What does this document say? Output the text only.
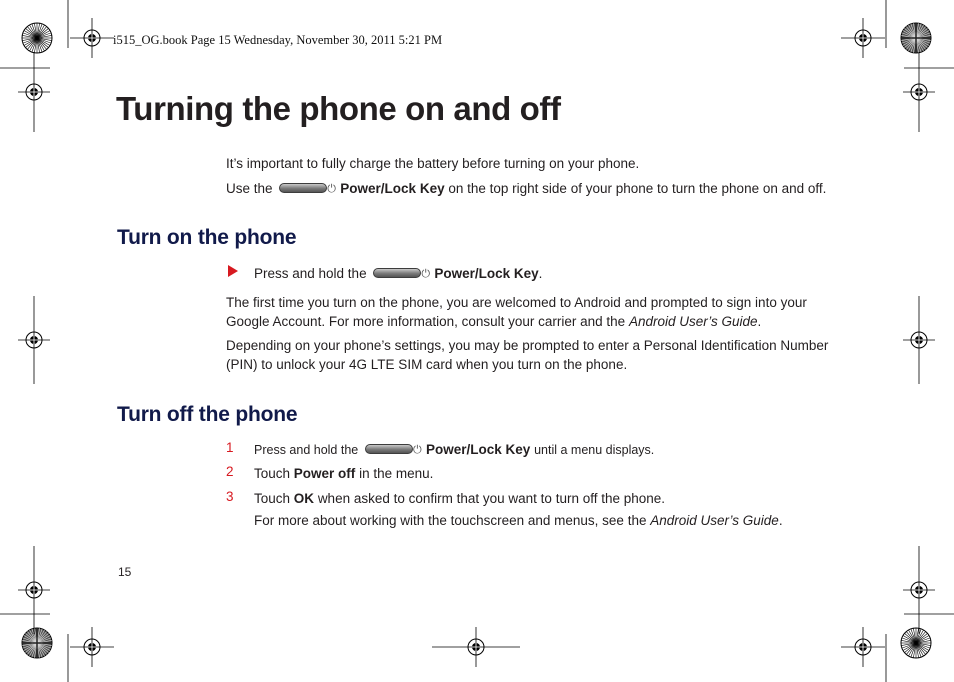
i515_OG.book Page 15 Wednesday, November 30, 2011 5:21 PM
Turning the phone on and off

It’s important to fully charge the battery before turning on your phone.

Use the	⏻ Power/Lock Key on the top right side of your phone to turn the phone on and off.

Turn on the phone

Press and hold the	⏻ Power/Lock Key.

The first time you turn on the phone, you are welcomed to Android and prompted to sign into your
Google Account. For more information, consult your carrier and the Android User’s Guide.

Depending on your phone’s settings, you may be prompted to enter a Personal Identification Number
(PIN) to unlock your 4G LTE SIM card when you turn on the phone.

Turn off the phone
1 Press and hold the	⏻ Power/Lock Key until a menu displays.

2 Touch Power off in the menu.

3 Touch OK when asked to confirm that you want to turn off the phone.

For more about working with the touchscreen and menus, see the Android User’s Guide.

15
